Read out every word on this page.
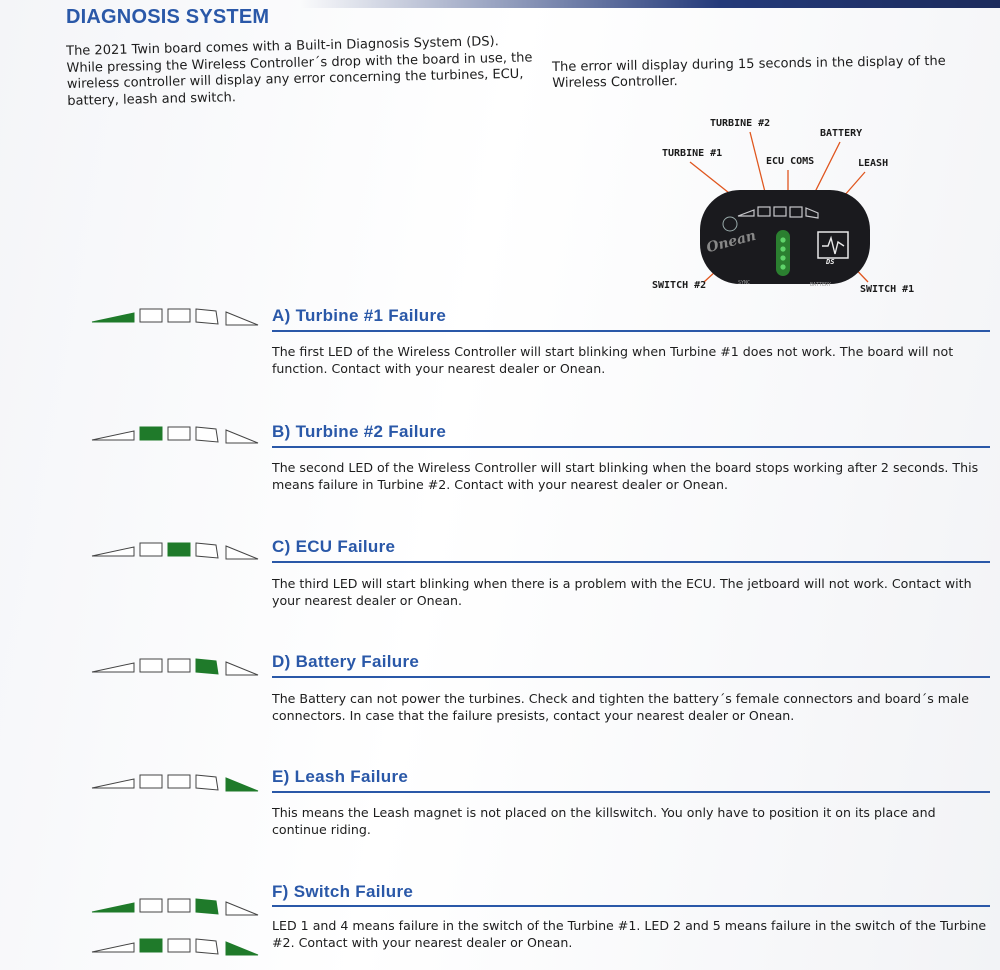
DIAGNOSIS SYSTEM
The 2021 Twin board comes with a Built-in Diagnosis System (DS). While pressing the Wireless Controller´s drop with the board in use, the wireless controller will display any error concerning the turbines, ECU, battery, leash and switch.
The error will display during 15 seconds in the display of the Wireless Controller.
TURBINE #2
BATTERY
TURBINE #1
ECU COMS	LEASH
SWITCH #2	SWITCH #1
SYNC	BATTERY
Onean
DS
A) Turbine #1 Failure
The first LED of the Wireless Controller will start blinking when Turbine #1 does not work. The board will not function. Contact with your nearest dealer or Onean.
B) Turbine #2 Failure
The second LED of the Wireless Controller will start blinking when the board stops working after 2 seconds. This means failure in Turbine #2. Contact with your nearest dealer or Onean.
C) ECU Failure
The third LED will start blinking when there is a problem with the ECU. The jetboard will not work. Contact with your nearest dealer or Onean.
D) Battery Failure
The Battery can not power the turbines. Check and tighten the battery´s female connectors and board´s male connectors. In case that the failure presists, contact your nearest dealer or Onean.
E) Leash Failure
This means the Leash magnet is not placed on the killswitch. You only have to position it on its place and continue riding.
F) Switch Failure
LED 1 and 4 means failure in the switch of the Turbine #1. LED 2 and 5 means failure in the switch of the Turbine #2. Contact with your nearest dealer or Onean.
